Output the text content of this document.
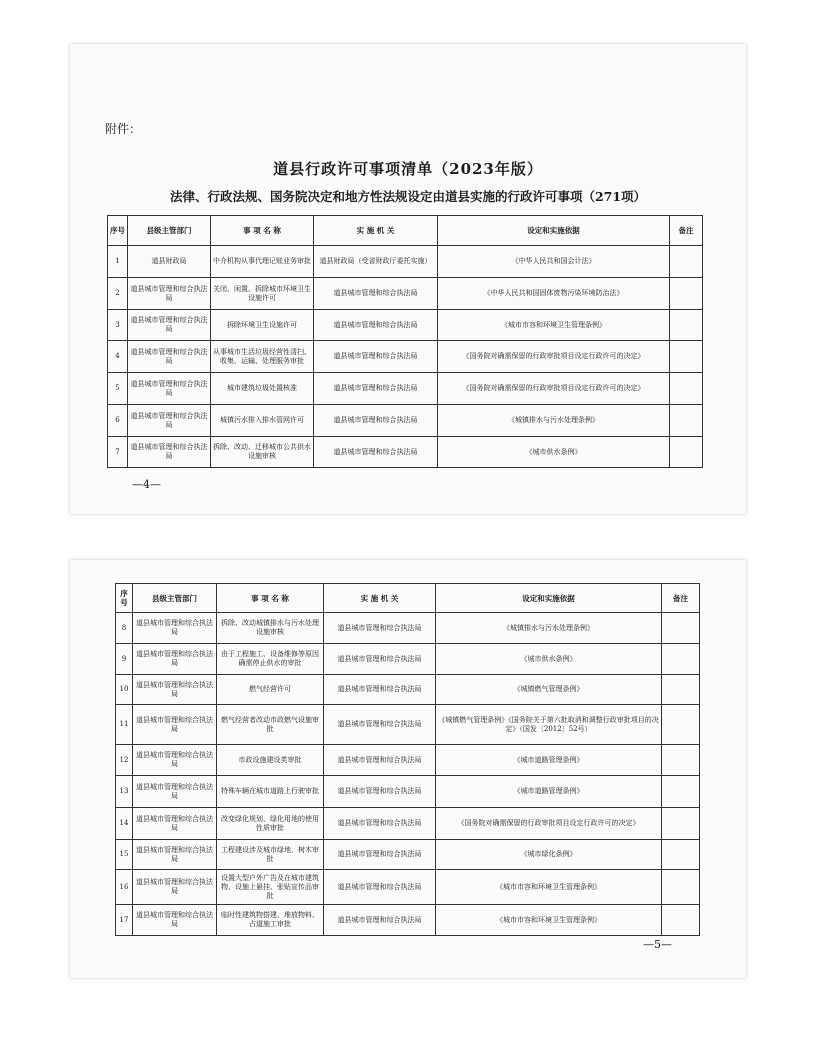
附件：
道县行政许可事项清单（2023年版）
法律、行政法规、国务院决定和地方性法规设定由道县实施的行政许可事项（271项）
序号	县级主管部门	事 项 名 称	实 施 机 关	设定和实施依据	备注
1	道县财政局	中介机构从事代理记账业务审批	道县财政局（受省财政厅委托实施）	《中华人民共和国会计法》	
2	道县城市管理和综合执法局	关闭、闲置、拆除城市环境卫生设施许可	道县城市管理和综合执法局	《中华人民共和国固体废物污染环境防治法》	
3	道县城市管理和综合执法局	拆除环境卫生设施许可	道县城市管理和综合执法局	《城市市容和环境卫生管理条例》	
4	道县城市管理和综合执法局	从事城市生活垃圾经营性清扫、收集、运输、处理服务审批	道县城市管理和综合执法局	《国务院对确需保留的行政审批项目设定行政许可的决定》	
5	道县城市管理和综合执法局	城市建筑垃圾处置核准	道县城市管理和综合执法局	《国务院对确需保留的行政审批项目设定行政许可的决定》	
6	道县城市管理和综合执法局	城镇污水排入排水管网许可	道县城市管理和综合执法局	《城镇排水与污水处理条例》	
7	道县城市管理和综合执法局	拆除、改动、迁移城市公共供水设施审核	道县城市管理和综合执法局	《城市供水条例》	
—4—
序号	县级主管部门	事 项 名 称	实 施 机 关	设定和实施依据	备注
8	道县城市管理和综合执法局	拆除、改动城镇排水与污水处理设施审核	道县城市管理和综合执法局	《城镇排水与污水处理条例》	
9	道县城市管理和综合执法局	由于工程施工、设备维修等原因确需停止供水的审批	道县城市管理和综合执法局	《城市供水条例》	
10	道县城市管理和综合执法局	燃气经营许可	道县城市管理和综合执法局	《城镇燃气管理条例》	
11	道县城市管理和综合执法局	燃气经营者改动市政燃气设施审批	道县城市管理和综合执法局	《城镇燃气管理条例》《国务院关于第六批取消和调整行政审批项目的决定》（国发〔2012〕52号）	
12	道县城市管理和综合执法局	市政设施建设类审批	道县城市管理和综合执法局	《城市道路管理条例》	
13	道县城市管理和综合执法局	特殊车辆在城市道路上行驶审批	道县城市管理和综合执法局	《城市道路管理条例》	
14	道县城市管理和综合执法局	改变绿化规划、绿化用地的使用性质审批	道县城市管理和综合执法局	《国务院对确需保留的行政审批项目设定行政许可的决定》	
15	道县城市管理和综合执法局	工程建设涉及城市绿地、树木审批	道县城市管理和综合执法局	《城市绿化条例》	
16	道县城市管理和综合执法局	设置大型户外广告及在城市建筑物、设施上悬挂、张贴宣传品审批	道县城市管理和综合执法局	《城市市容和环境卫生管理条例》	
17	道县城市管理和综合执法局	临时性建筑物搭建、堆放物料、占道施工审批	道县城市管理和综合执法局	《城市市容和环境卫生管理条例》	
—5—
